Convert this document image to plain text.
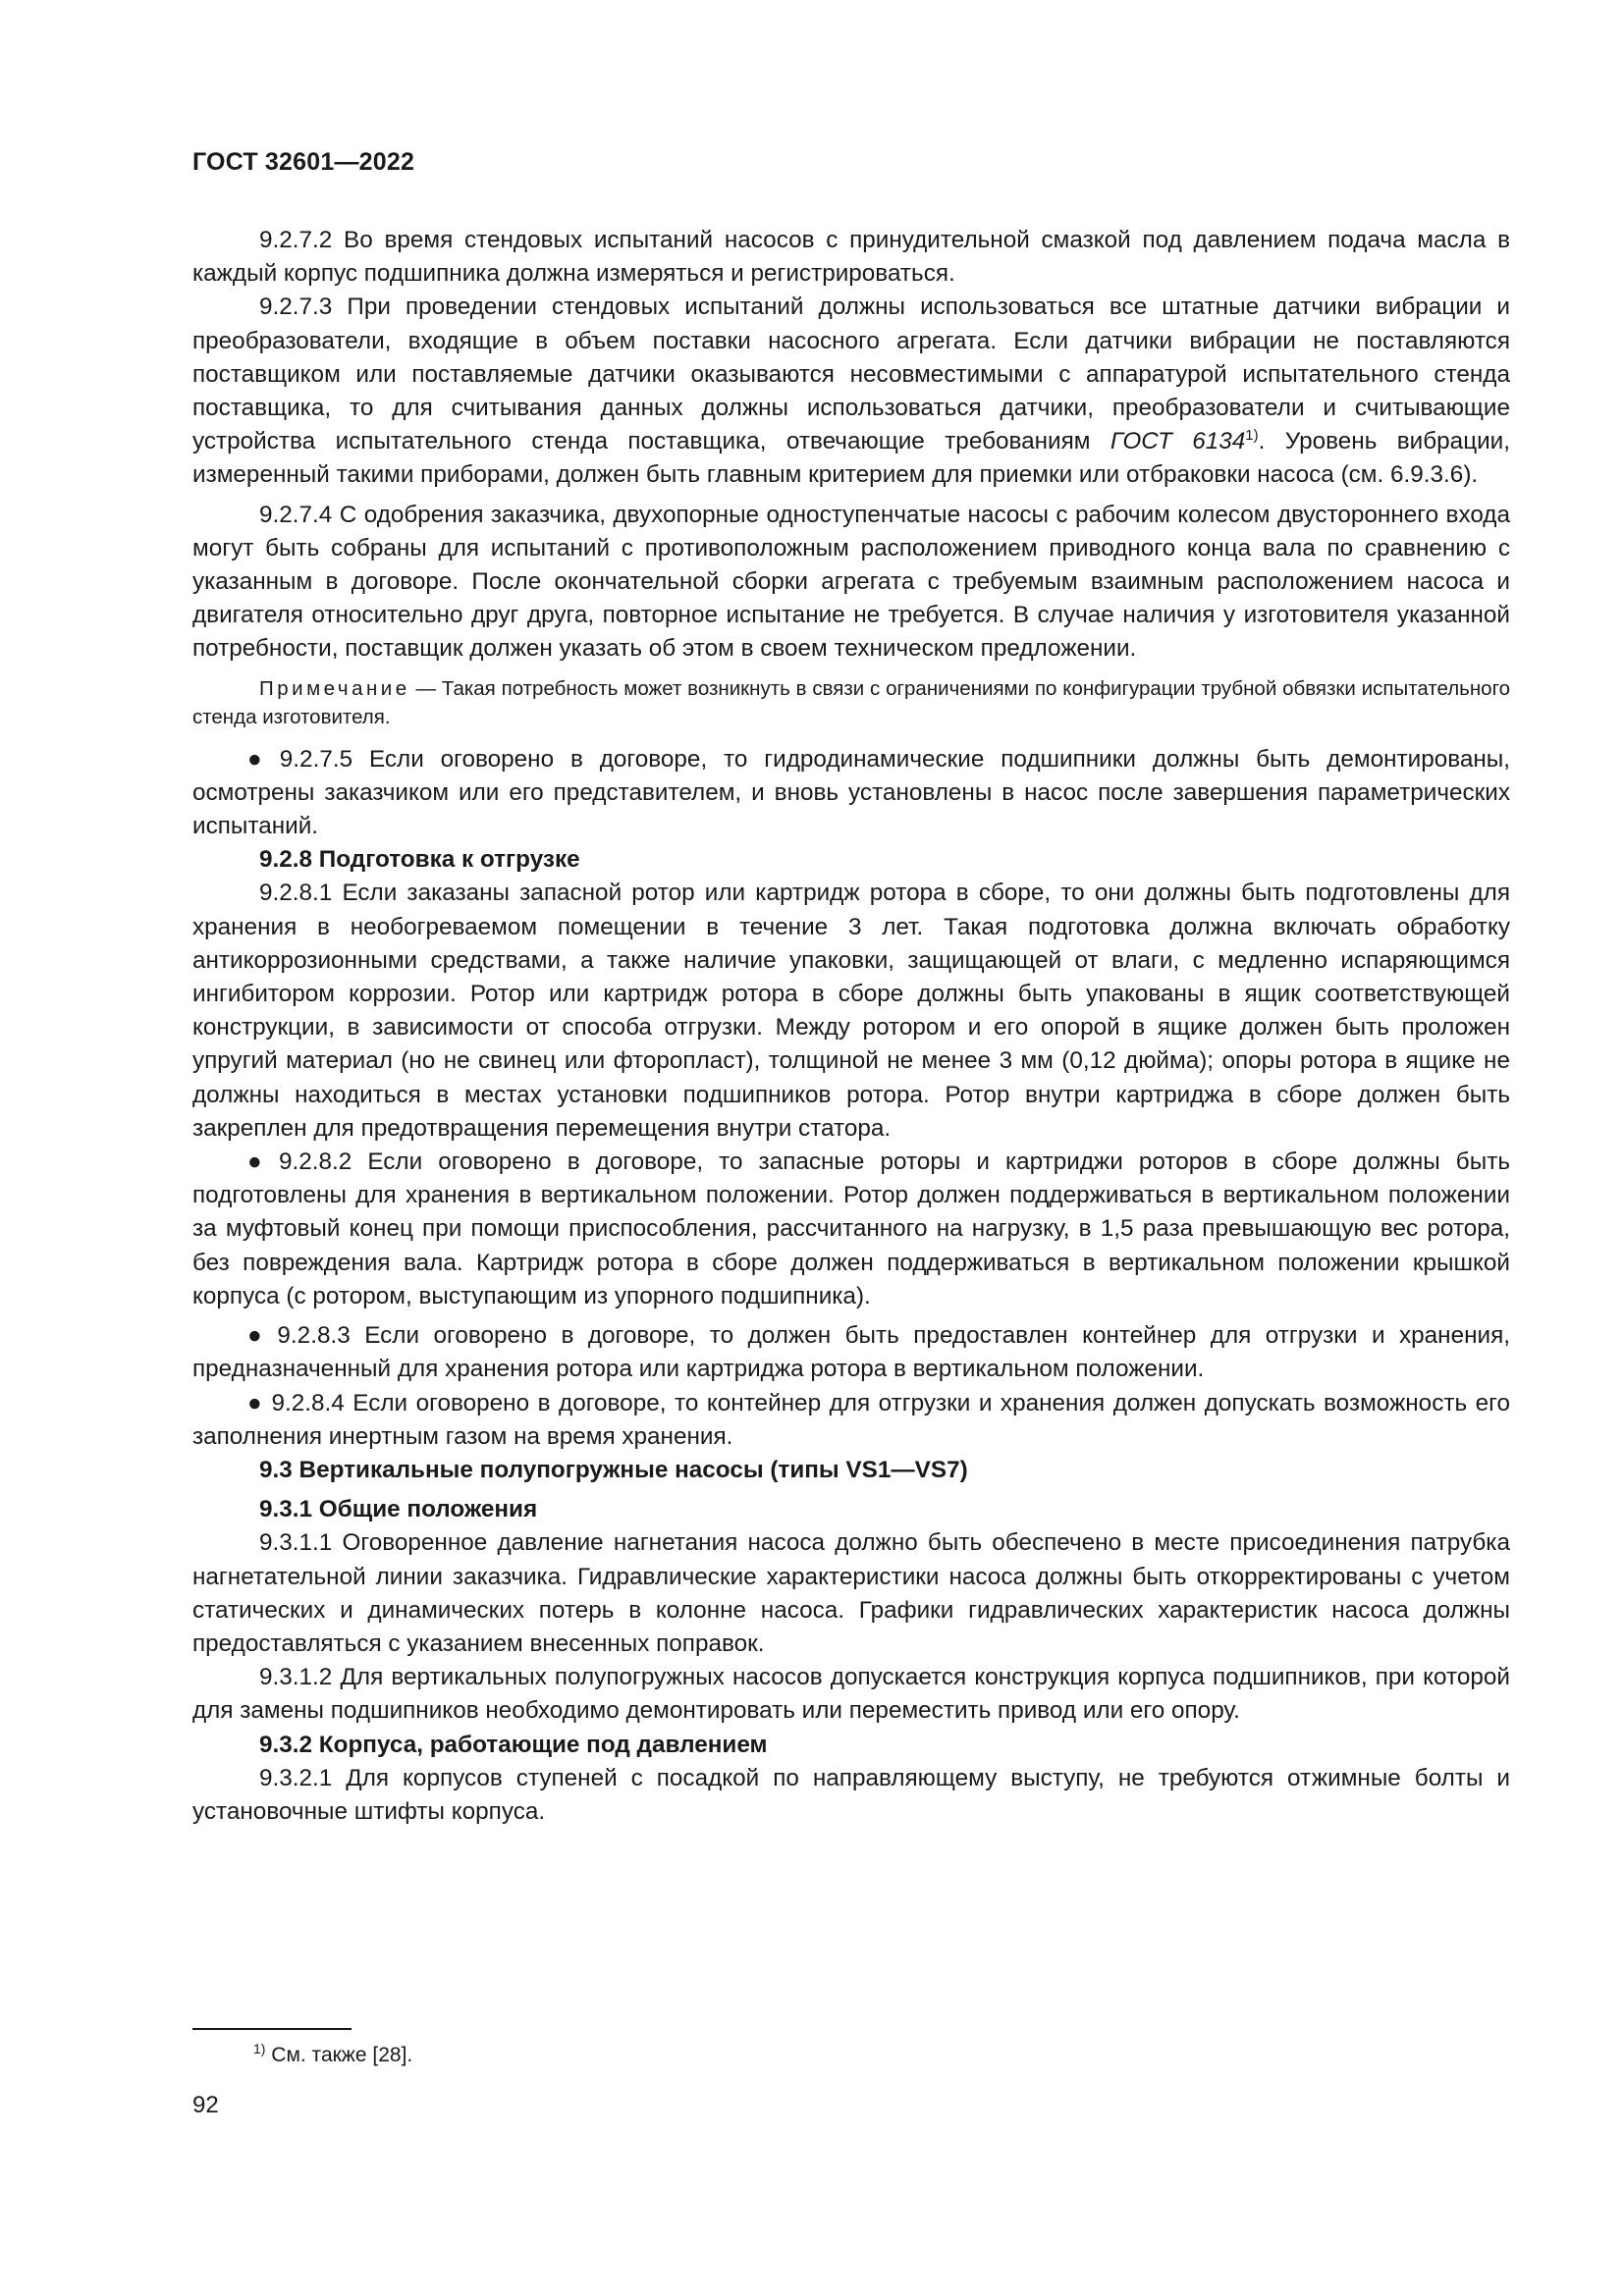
ГОСТ 32601—2022

9.2.7.2 Во время стендовых испытаний насосов с принудительной смазкой под давлением подача масла в каждый корпус подшипника должна измеряться и регистрироваться.

9.2.7.3 При проведении стендовых испытаний должны использоваться все штатные датчики вибрации и преобразователи, входящие в объем поставки насосного агрегата. Если датчики вибрации не поставляются поставщиком или поставляемые датчики оказываются несовместимыми с аппаратурой испытательного стенда поставщика, то для считывания данных должны использоваться датчики, преобразователи и считывающие устройства испытательного стенда поставщика, отвечающие требованиям ГОСТ 6134$^{1)}$. Уровень вибрации, измеренный такими приборами, должен быть главным критерием для приемки или отбраковки насоса (см. 6.9.3.6).

9.2.7.4 С одобрения заказчика, двухопорные одноступенчатые насосы с рабочим колесом двустороннего входа могут быть собраны для испытаний с противоположным расположением приводного конца вала по сравнению с указанным в договоре. После окончательной сборки агрегата с требуемым взаимным расположением насоса и двигателя относительно друг друга, повторное испытание не требуется. В случае наличия у изготовителя указанной потребности, поставщик должен указать об этом в своем техническом предложении.

Примечание — Такая потребность может возникнуть в связи с ограничениями по конфигурации трубной обвязки испытательного стенда изготовителя.

● 9.2.7.5 Если оговорено в договоре, то гидродинамические подшипники должны быть демонтированы, осмотрены заказчиком или его представителем, и вновь установлены в насос после завершения параметрических испытаний.

9.2.8 Подготовка к отгрузке

9.2.8.1 Если заказаны запасной ротор или картридж ротора в сборе, то они должны быть подготовлены для хранения в необогреваемом помещении в течение 3 лет. Такая подготовка должна включать обработку антикоррозионными средствами, а также наличие упаковки, защищающей от влаги, с медленно испаряющимся ингибитором коррозии. Ротор или картридж ротора в сборе должны быть упакованы в ящик соответствующей конструкции, в зависимости от способа отгрузки. Между ротором и его опорой в ящике должен быть проложен упругий материал (но не свинец или фторопласт), толщиной не менее 3 мм (0,12 дюйма); опоры ротора в ящике не должны находиться в местах установки подшипников ротора. Ротор внутри картриджа в сборе должен быть закреплен для предотвращения перемещения внутри статора.

● 9.2.8.2 Если оговорено в договоре, то запасные роторы и картриджи роторов в сборе должны быть подготовлены для хранения в вертикальном положении. Ротор должен поддерживаться в вертикальном положении за муфтовый конец при помощи приспособления, рассчитанного на нагрузку, в 1,5 раза превышающую вес ротора, без повреждения вала. Картридж ротора в сборе должен поддерживаться в вертикальном положении крышкой корпуса (с ротором, выступающим из упорного подшипника).

● 9.2.8.3 Если оговорено в договоре, то должен быть предоставлен контейнер для отгрузки и хранения, предназначенный для хранения ротора или картриджа ротора в вертикальном положении.

● 9.2.8.4 Если оговорено в договоре, то контейнер для отгрузки и хранения должен допускать возможность его заполнения инертным газом на время хранения.

9.3 Вертикальные полупогружные насосы (типы VS1—VS7)

9.3.1 Общие положения

9.3.1.1 Оговоренное давление нагнетания насоса должно быть обеспечено в месте присоединения патрубка нагнетательной линии заказчика. Гидравлические характеристики насоса должны быть откорректированы с учетом статических и динамических потерь в колонне насоса. Графики гидравлических характеристик насоса должны предоставляться с указанием внесенных поправок.

9.3.1.2 Для вертикальных полупогружных насосов допускается конструкция корпуса подшипников, при которой для замены подшипников необходимо демонтировать или переместить привод или его опору.

9.3.2 Корпуса, работающие под давлением

9.3.2.1 Для корпусов ступеней с посадкой по направляющему выступу, не требуются отжимные болты и установочные штифты корпуса.

$^{1)}$ См. также [28].
92
